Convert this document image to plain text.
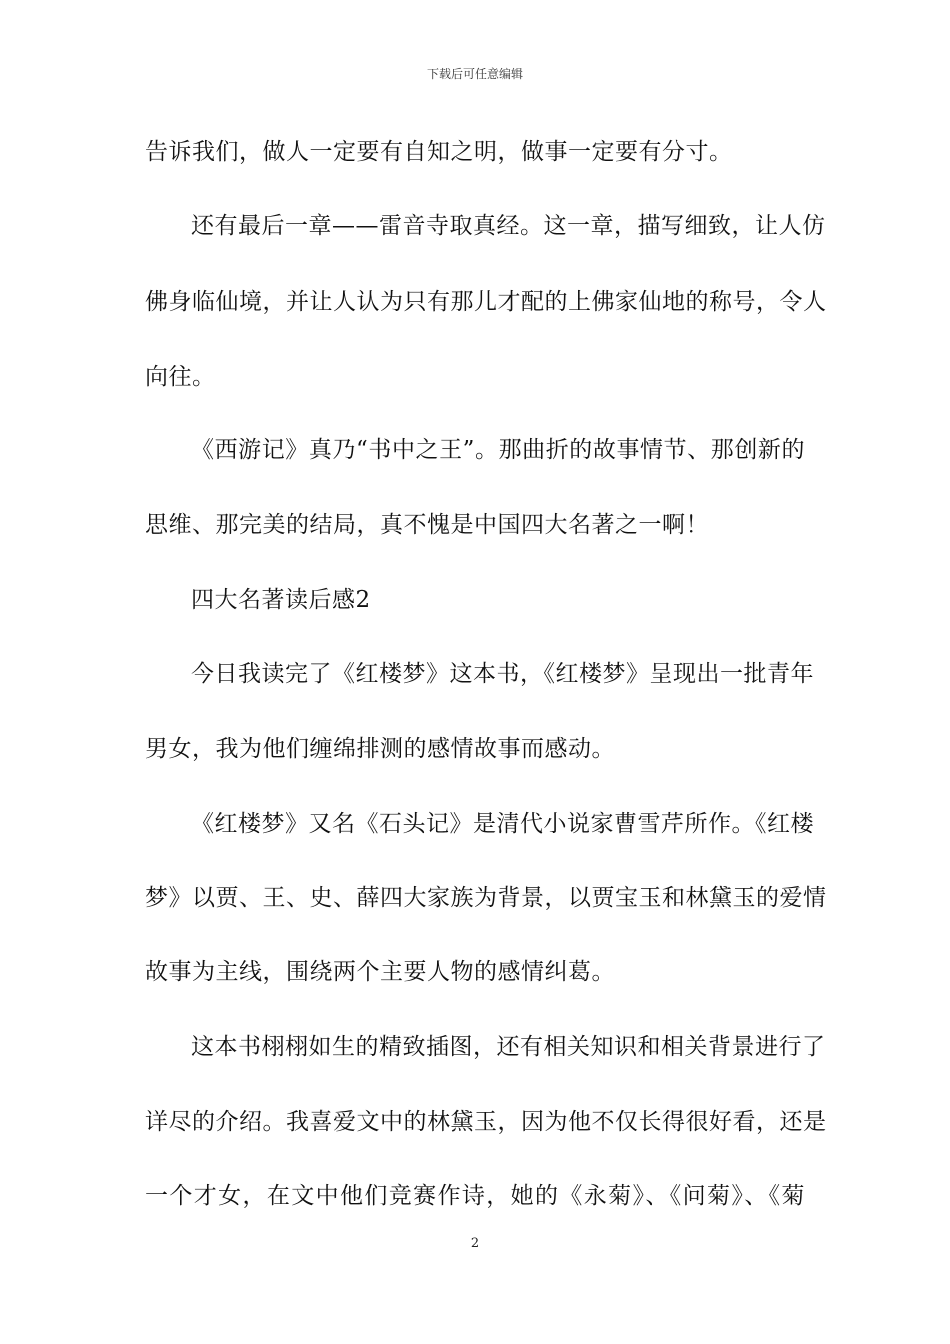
下载后可任意编辑
告诉我们，做人一定要有自知之明，做事一定要有分寸。
还有最后一章——雷音寺取真经。这一章，描写细致，让人仿
佛身临仙境，并让人认为只有那儿才配的上佛家仙地的称号，令人
向往。
《西游记》真乃“书中之王”。那曲折的故事情节、那创新的
思维、那完美的结局，真不愧是中国四大名著之一啊！
四大名著读后感2
今日我读完了《红楼梦》这本书，《红楼梦》呈现出一批青年
男女，我为他们缠绵排测的感情故事而感动。
《红楼梦》又名《石头记》是清代小说家曹雪芹所作。《红楼
梦》以贾、王、史、薛四大家族为背景，以贾宝玉和林黛玉的爱情
故事为主线，围绕两个主要人物的感情纠葛。
这本书栩栩如生的精致插图，还有相关知识和相关背景进行了
详尽的介绍。我喜爱文中的林黛玉，因为他不仅长得很好看，还是
一个才女，在文中他们竞赛作诗，她的《永菊》、《问菊》、《菊
2
